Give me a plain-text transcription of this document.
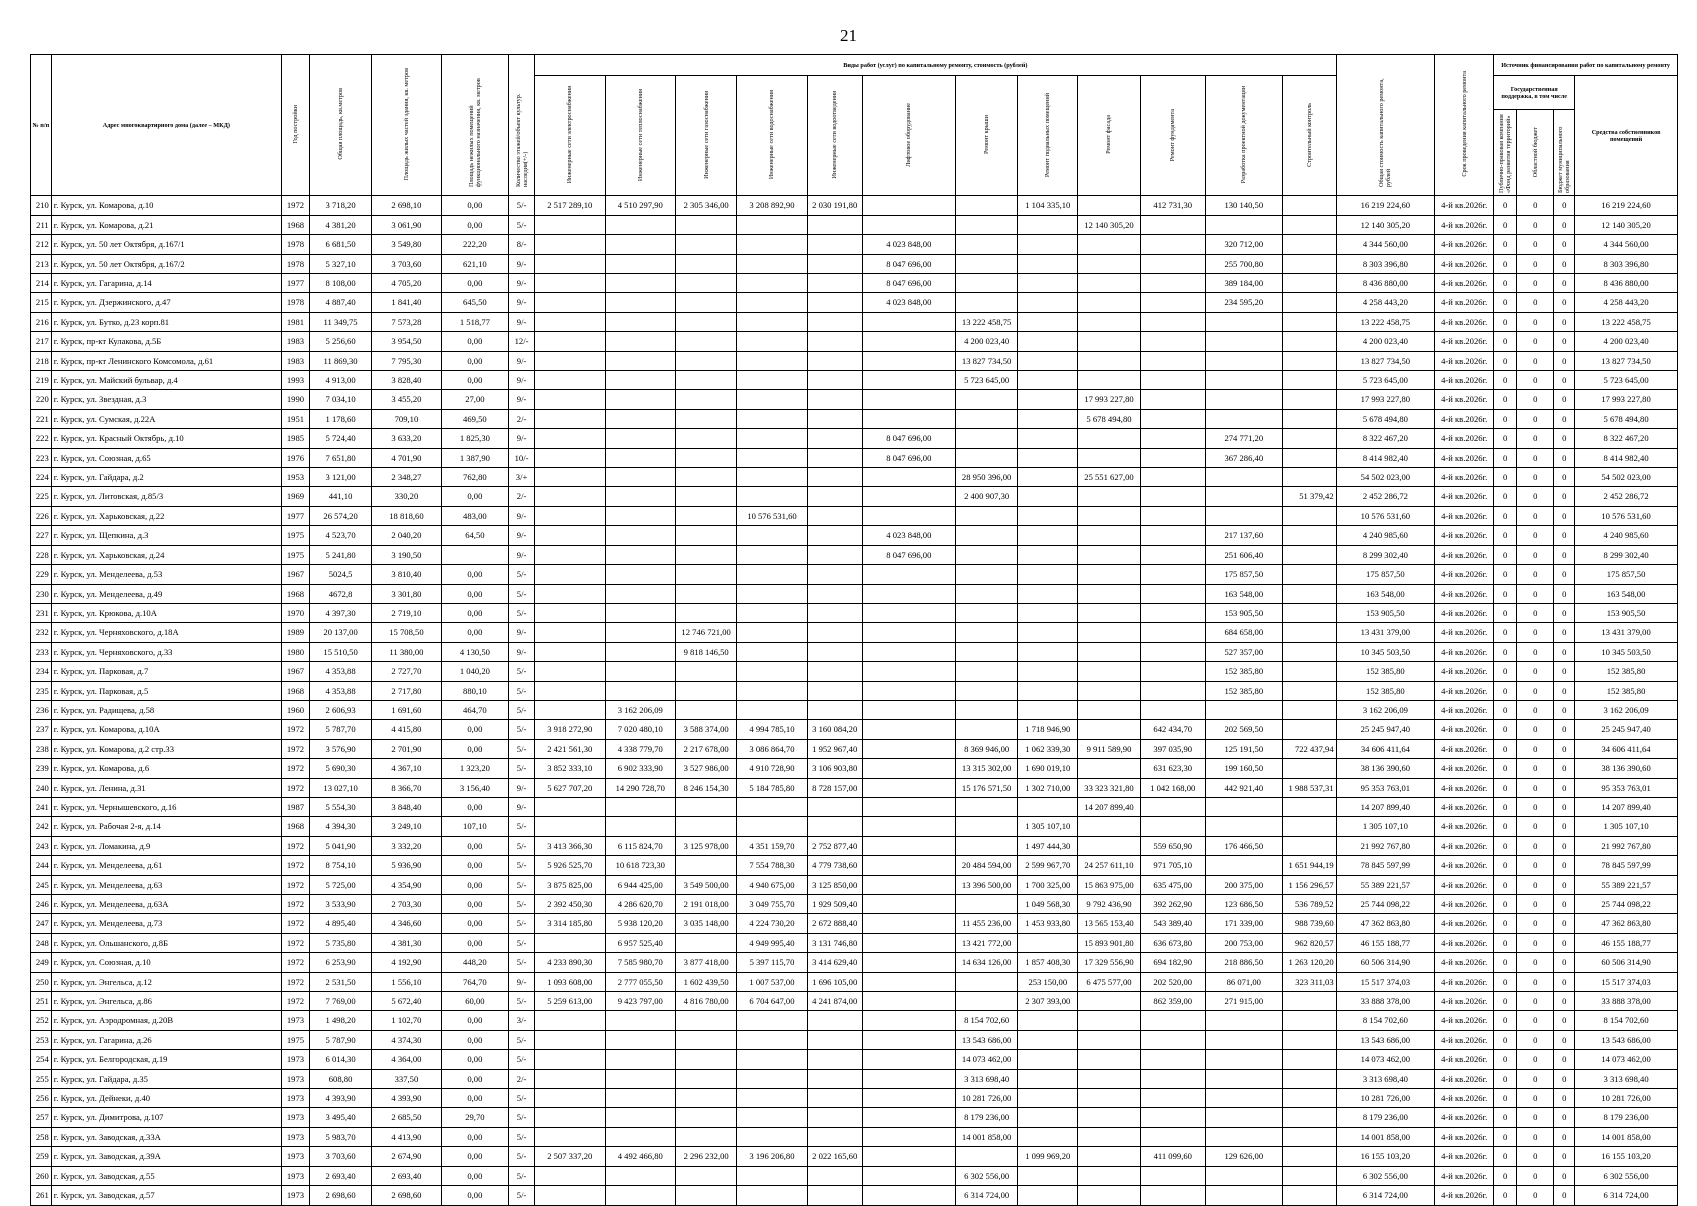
21
№ п/п	Адрес многоквартирного дома (далее – МКД)	Год постройки	Общая площадь, кв.метров	Площадь жилых частей здания, кв. метров	Площадь нежилых помещений функционального назначения, кв. метров	Количество этажей/объект культур. наследия(+/-)	Виды работ (услуг) по капитальному ремонту, стоимость (рублей)												Общая стоимость капитального ремонта, рублей	Срок проведения капитального ремонта	Источник финансирования работ по капитальному ремонту			
							Инженерные сети электроснабжения	Инженерные сети теплоснабжения	Инженерные сети газоснабжения	Инженерные сети водоснабжения	Инженерные сети водоотведения	Лифтовое оборудование	Ремонт крыши	Ремонт подвальных помещений	Ремонт фасада	Ремонт фундамента	Разработка проектной документации	Строительный контроль			Государственная поддержка, в том числе			Средства собственников помещений
																					Публично-правовая компания «Фонд развития территорий»	Областной бюджет	Бюджет муниципального образования	
210	г. Курск, ул. Комарова, д.10	1972	3 718,20	2 698,10	0,00	5/-	2 517 289,10	4 510 297,90	2 305 346,00	3 208 892,90	2 030 191,80			1 104 335,10		412 731,30	130 140,50		16 219 224,60	4-й кв.2026г.	0	0	0	16 219 224,60
211	г. Курск, ул. Комарова, д.21	1968	4 381,20	3 061,90	0,00	5/-									12 140 305,20				12 140 305,20	4-й кв.2026г.	0	0	0	12 140 305,20
212	г. Курск, ул. 50 лет Октября, д.167/1	1978	6 681,50	3 549,80	222,20	8/-						4 023 848,00					320 712,00		4 344 560,00	4-й кв.2026г.	0	0	0	4 344 560,00
213	г. Курск, ул. 50 лет Октября, д.167/2	1978	5 327,10	3 703,60	621,10	9/-						8 047 696,00					255 700,80		8 303 396,80	4-й кв.2026г.	0	0	0	8 303 396,80
214	г. Курск, ул. Гагарина, д.14	1977	8 108,00	4 705,20	0,00	9/-						8 047 696,00					389 184,00		8 436 880,00	4-й кв.2026г.	0	0	0	8 436 880,00
215	г. Курск, ул. Дзержинского, д.47	1978	4 887,40	1 841,40	645,50	9/-						4 023 848,00					234 595,20		4 258 443,20	4-й кв.2026г.	0	0	0	4 258 443,20
216	г. Курск, ул. Бутко, д.23 корп.81	1981	11 349,75	7 573,28	1 518,77	9/-							13 222 458,75						13 222 458,75	4-й кв.2026г.	0	0	0	13 222 458,75
217	г. Курск, пр-кт Кулакова, д.5Б	1983	5 256,60	3 954,50	0,00	12/-							4 200 023,40						4 200 023,40	4-й кв.2026г.	0	0	0	4 200 023,40
218	г. Курск, пр-кт Ленинского Комсомола, д.61	1983	11 869,30	7 795,30	0,00	9/-							13 827 734,50						13 827 734,50	4-й кв.2026г.	0	0	0	13 827 734,50
219	г. Курск, ул. Майский бульвар, д.4	1993	4 913,00	3 828,40	0,00	9/-							5 723 645,00						5 723 645,00	4-й кв.2026г.	0	0	0	5 723 645,00
220	г. Курск, ул. Звездная, д.3	1990	7 034,10	3 455,20	27,00	9/-									17 993 227,80				17 993 227,80	4-й кв.2026г.	0	0	0	17 993 227,80
221	г. Курск, ул. Сумская, д.22А	1951	1 178,60	709,10	469,50	2/-									5 678 494,80				5 678 494,80	4-й кв.2026г.	0	0	0	5 678 494,80
222	г. Курск, ул. Красный Октябрь, д.10	1985	5 724,40	3 633,20	1 825,30	9/-						8 047 696,00					274 771,20		8 322 467,20	4-й кв.2026г.	0	0	0	8 322 467,20
223	г. Курск, ул. Союзная, д.65	1976	7 651,80	4 701,90	1 387,90	10/-						8 047 696,00					367 286,40		8 414 982,40	4-й кв.2026г.	0	0	0	8 414 982,40
224	г. Курск, ул. Гайдара, д.2	1953	3 121,00	2 348,27	762,80	3/+							28 950 396,00		25 551 627,00				54 502 023,00	4-й кв.2026г.	0	0	0	54 502 023,00
225	г. Курск, ул. Литовская, д.85/3	1969	441,10	330,20	0,00	2/-							2 400 907,30					51 379,42	2 452 286,72	4-й кв.2026г.	0	0	0	2 452 286,72
226	г. Курск, ул. Харьковская, д.22	1977	26 574,20	18 818,60	483,00	9/-				10 576 531,60									10 576 531,60	4-й кв.2026г.	0	0	0	10 576 531,60
227	г. Курск, ул. Щепкина, д.3	1975	4 523,70	2 040,20	64,50	9/-						4 023 848,00					217 137,60		4 240 985,60	4-й кв.2026г.	0	0	0	4 240 985,60
228	г. Курск, ул. Харьковская, д.24	1975	5 241,80	3 190,50		9/-						8 047 696,00					251 606,40		8 299 302,40	4-й кв.2026г.	0	0	0	8 299 302,40
229	г. Курск, ул. Менделеева, д.53	1967	5024,5	3 810,40	0,00	5/-											175 857,50		175 857,50	4-й кв.2026г.	0	0	0	175 857,50
230	г. Курск, ул. Менделеева, д.49	1968	4672,8	3 301,80	0,00	5/-											163 548,00		163 548,00	4-й кв.2026г.	0	0	0	163 548,00
231	г. Курск, ул. Крюкова, д.10А	1970	4 397,30	2 719,10	0,00	5/-											153 905,50		153 905,50	4-й кв.2026г.	0	0	0	153 905,50
232	г. Курск, ул. Черняховского, д.18А	1989	20 137,00	15 708,50	0,00	9/-			12 746 721,00								684 658,00		13 431 379,00	4-й кв.2026г.	0	0	0	13 431 379,00
233	г. Курск, ул. Черняховского, д.33	1980	15 510,50	11 380,00	4 130,50	9/-			9 818 146,50								527 357,00		10 345 503,50	4-й кв.2026г.	0	0	0	10 345 503,50
234	г. Курск, ул. Парковая, д.7	1967	4 353,88	2 727,70	1 040,20	5/-											152 385,80		152 385,80	4-й кв.2026г.	0	0	0	152 385,80
235	г. Курск, ул. Парковая, д.5	1968	4 353,88	2 717,80	880,10	5/-											152 385,80		152 385,80	4-й кв.2026г.	0	0	0	152 385,80
236	г. Курск, ул. Радищева, д.58	1960	2 606,93	1 691,60	464,70	5/-		3 162 206,09											3 162 206,09	4-й кв.2026г.	0	0	0	3 162 206,09
237	г. Курск, ул. Комарова, д.10А	1972	5 787,70	4 415,80	0,00	5/-	3 918 272,90	7 020 480,10	3 588 374,00	4 994 785,10	3 160 084,20			1 718 946,90		642 434,70	202 569,50		25 245 947,40	4-й кв.2026г.	0	0	0	25 245 947,40
238	г. Курск, ул. Комарова, д.2 стр.33	1972	3 576,90	2 701,90	0,00	5/-	2 421 561,30	4 338 779,70	2 217 678,00	3 086 864,70	1 952 967,40		8 369 946,00	1 062 339,30	9 911 589,90	397 035,90	125 191,50	722 437,94	34 606 411,64	4-й кв.2026г.	0	0	0	34 606 411,64
239	г. Курск, ул. Комарова, д.6	1972	5 690,30	4 367,10	1 323,20	5/-	3 852 333,10	6 902 333,90	3 527 986,00	4 910 728,90	3 106 903,80		13 315 302,00	1 690 019,10		631 623,30	199 160,50		38 136 390,60	4-й кв.2026г.	0	0	0	38 136 390,60
240	г. Курск, ул. Ленина, д.31	1972	13 027,10	8 366,70	3 156,40	9/-	5 627 707,20	14 290 728,70	8 246 154,30	5 184 785,80	8 728 157,00		15 176 571,50	1 302 710,00	33 323 321,80	1 042 168,00	442 921,40	1 988 537,31	95 353 763,01	4-й кв.2026г.	0	0	0	95 353 763,01
241	г. Курск, ул. Чернышевского, д.16	1987	5 554,30	3 848,40	0,00	9/-									14 207 899,40				14 207 899,40	4-й кв.2026г.	0	0	0	14 207 899,40
242	г. Курск, ул. Рабочая 2-я, д.14	1968	4 394,30	3 249,10	107,10	5/-								1 305 107,10					1 305 107,10	4-й кв.2026г.	0	0	0	1 305 107,10
243	г. Курск, ул. Ломакина, д.9	1972	5 041,90	3 332,20	0,00	5/-	3 413 366,30	6 115 824,70	3 125 978,00	4 351 159,70	2 752 877,40			1 497 444,30		559 650,90	176 466,50		21 992 767,80	4-й кв.2026г.	0	0	0	21 992 767,80
244	г. Курск, ул. Менделеева, д.61	1972	8 754,10	5 936,90	0,00	5/-	5 926 525,70	10 618 723,30		7 554 788,30	4 779 738,60		20 484 594,00	2 599 967,70	24 257 611,10	971 705,10		1 651 944,19	78 845 597,99	4-й кв.2026г.	0	0	0	78 845 597,99
245	г. Курск, ул. Менделеева, д.63	1972	5 725,00	4 354,90	0,00	5/-	3 875 825,00	6 944 425,00	3 549 500,00	4 940 675,00	3 125 850,00		13 396 500,00	1 700 325,00	15 863 975,00	635 475,00	200 375,00	1 156 296,57	55 389 221,57	4-й кв.2026г.	0	0	0	55 389 221,57
246	г. Курск, ул. Менделеева, д.63А	1972	3 533,90	2 703,30	0,00	5/-	2 392 450,30	4 286 620,70	2 191 018,00	3 049 755,70	1 929 509,40			1 049 568,30	9 792 436,90	392 262,90	123 686,50	536 789,52	25 744 098,22	4-й кв.2026г.	0	0	0	25 744 098,22
247	г. Курск, ул. Менделеева, д.73	1972	4 895,40	4 346,60	0,00	5/-	3 314 185,80	5 938 120,20	3 035 148,00	4 224 730,20	2 672 888,40		11 455 236,00	1 453 933,80	13 565 153,40	543 389,40	171 339,00	988 739,60	47 362 863,80	4-й кв.2026г.	0	0	0	47 362 863,80
248	г. Курск, ул. Ольшанского, д.8Б	1972	5 735,80	4 381,30	0,00	5/-		6 957 525,40		4 949 995,40	3 131 746,80		13 421 772,00		15 893 901,80	636 673,80	200 753,00	962 820,57	46 155 188,77	4-й кв.2026г.	0	0	0	46 155 188,77
249	г. Курск, ул. Союзная, д.10	1972	6 253,90	4 192,90	448,20	5/-	4 233 890,30	7 585 980,70	3 877 418,00	5 397 115,70	3 414 629,40		14 634 126,00	1 857 408,30	17 329 556,90	694 182,90	218 886,50	1 263 120,20	60 506 314,90	4-й кв.2026г.	0	0	0	60 506 314,90
250	г. Курск, ул. Энгельса, д.12	1972	2 531,50	1 556,10	764,70	9/-	1 093 608,00	2 777 055,50	1 602 439,50	1 007 537,00	1 696 105,00			253 150,00	6 475 577,00	202 520,00	86 071,00	323 311,03	15 517 374,03	4-й кв.2026г.	0	0	0	15 517 374,03
251	г. Курск, ул. Энгельса, д.86	1972	7 769,00	5 672,40	60,00	5/-	5 259 613,00	9 423 797,00	4 816 780,00	6 704 647,00	4 241 874,00			2 307 393,00		862 359,00	271 915,00		33 888 378,00	4-й кв.2026г.	0	0	0	33 888 378,00
252	г. Курск, ул. Аэродромная, д.20В	1973	1 498,20	1 102,70	0,00	3/-							8 154 702,60						8 154 702,60	4-й кв.2026г.	0	0	0	8 154 702,60
253	г. Курск, ул. Гагарина, д.26	1975	5 787,90	4 374,30	0,00	5/-							13 543 686,00						13 543 686,00	4-й кв.2026г.	0	0	0	13 543 686,00
254	г. Курск, ул. Белгородская, д.19	1973	6 014,30	4 364,00	0,00	5/-							14 073 462,00						14 073 462,00	4-й кв.2026г.	0	0	0	14 073 462,00
255	г. Курск, ул. Гайдара, д.35	1973	608,80	337,50	0,00	2/-							3 313 698,40						3 313 698,40	4-й кв.2026г.	0	0	0	3 313 698,40
256	г. Курск, ул. Дейнеки, д.40	1973	4 393,90	4 393,90	0,00	5/-							10 281 726,00						10 281 726,00	4-й кв.2026г.	0	0	0	10 281 726,00
257	г. Курск, ул. Димитрова, д.107	1973	3 495,40	2 685,50	29,70	5/-							8 179 236,00						8 179 236,00	4-й кв.2026г.	0	0	0	8 179 236,00
258	г. Курск, ул. Заводская, д.33А	1973	5 983,70	4 413,90	0,00	5/-							14 001 858,00						14 001 858,00	4-й кв.2026г.	0	0	0	14 001 858,00
259	г. Курск, ул. Заводская, д.39А	1973	3 703,60	2 674,90	0,00	5/-	2 507 337,20	4 492 466,80	2 296 232,00	3 196 206,80	2 022 165,60			1 099 969,20		411 099,60	129 626,00		16 155 103,20	4-й кв.2026г.	0	0	0	16 155 103,20
260	г. Курск, ул. Заводская, д.55	1973	2 693,40	2 693,40	0,00	5/-							6 302 556,00						6 302 556,00	4-й кв.2026г.	0	0	0	6 302 556,00
261	г. Курск, ул. Заводская, д.57	1973	2 698,60	2 698,60	0,00	5/-							6 314 724,00						6 314 724,00	4-й кв.2026г.	0	0	0	6 314 724,00
